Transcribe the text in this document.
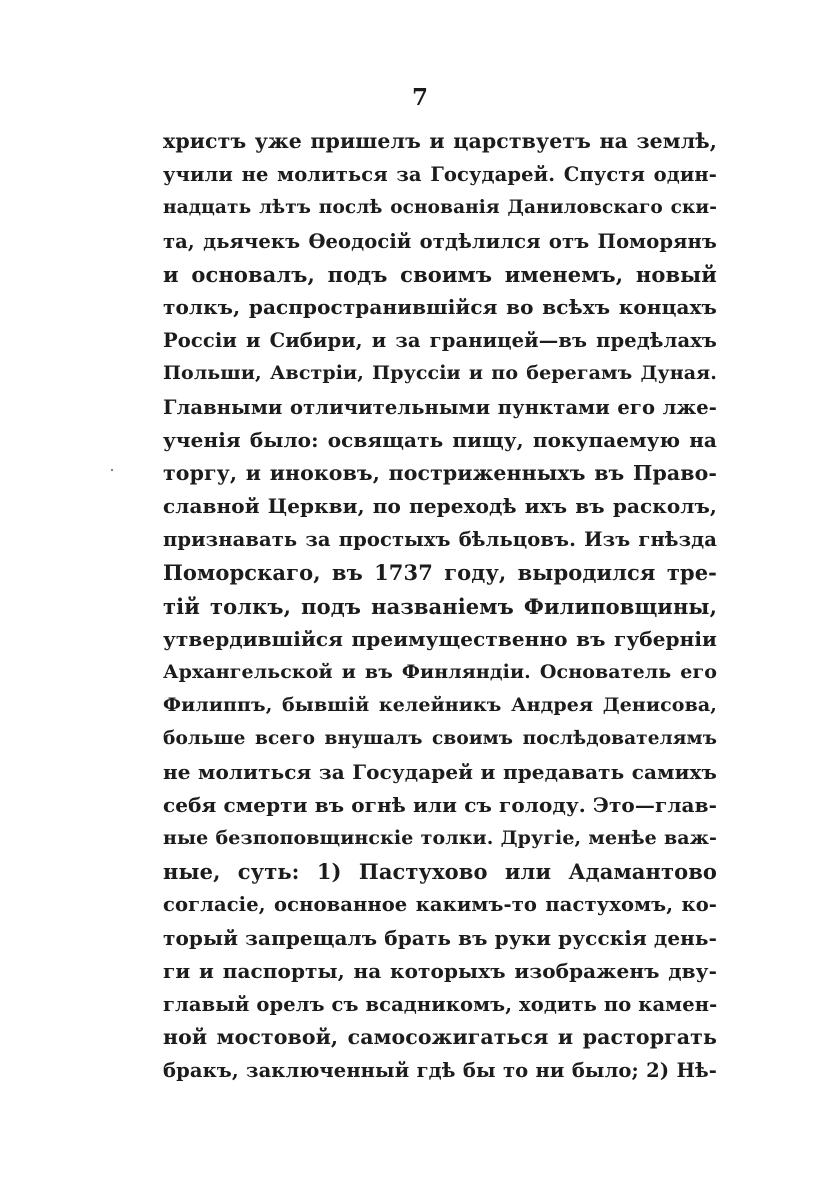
7
христъ уже пришелъ и царствуетъ на землѣ,
учили не молиться за Государей. Спустя один-
надцать лѣтъ послѣ основанія Даниловскаго ски-
та, дьячекъ Ѳеодосій отдѣлился отъ Поморянъ
и основалъ, подъ своимъ именемъ, новый
толкъ, распространившійся во всѣхъ концахъ
Россіи и Сибири, и за границей—въ предѣлахъ
Польши, Австріи, Пруссіи и по берегамъ Дуная.
Главными отличительными пунктами его лже-
ученія было: освящать пищу, покупаемую на
торгу, и иноковъ, постриженныхъ въ Право-
славной Церкви, по переходѣ ихъ въ расколъ,
признавать за простыхъ бѣльцовъ. Изъ гнѣзда
Поморскаго, въ 1737 году, выродился тре-
тій толкъ, подъ названіемъ Филиповщины,
утвердившійся преимущественно въ губерніи
Архангельской и въ Финляндіи. Основатель его
Филиппъ, бывшій келейникъ Андрея Денисова,
больше всего внушалъ своимъ послѣдователямъ
не молиться за Государей и предавать самихъ
себя смерти въ огнѣ или съ голоду. Это—глав-
ные безпоповщинскіе толки. Другіе, менѣе важ-
ные, суть: 1) Пастухово или Адамантово
согласіе, основанное какимъ-то пастухомъ, ко-
торый запрещалъ брать въ руки русскія день-
ги и паспорты, на которыхъ изображенъ дву-
главый орелъ съ всадникомъ, ходить по камен-
ной мостовой, самосожигаться и расторгать
бракъ, заключенный гдѣ бы то ни было; 2) Нѣ-
